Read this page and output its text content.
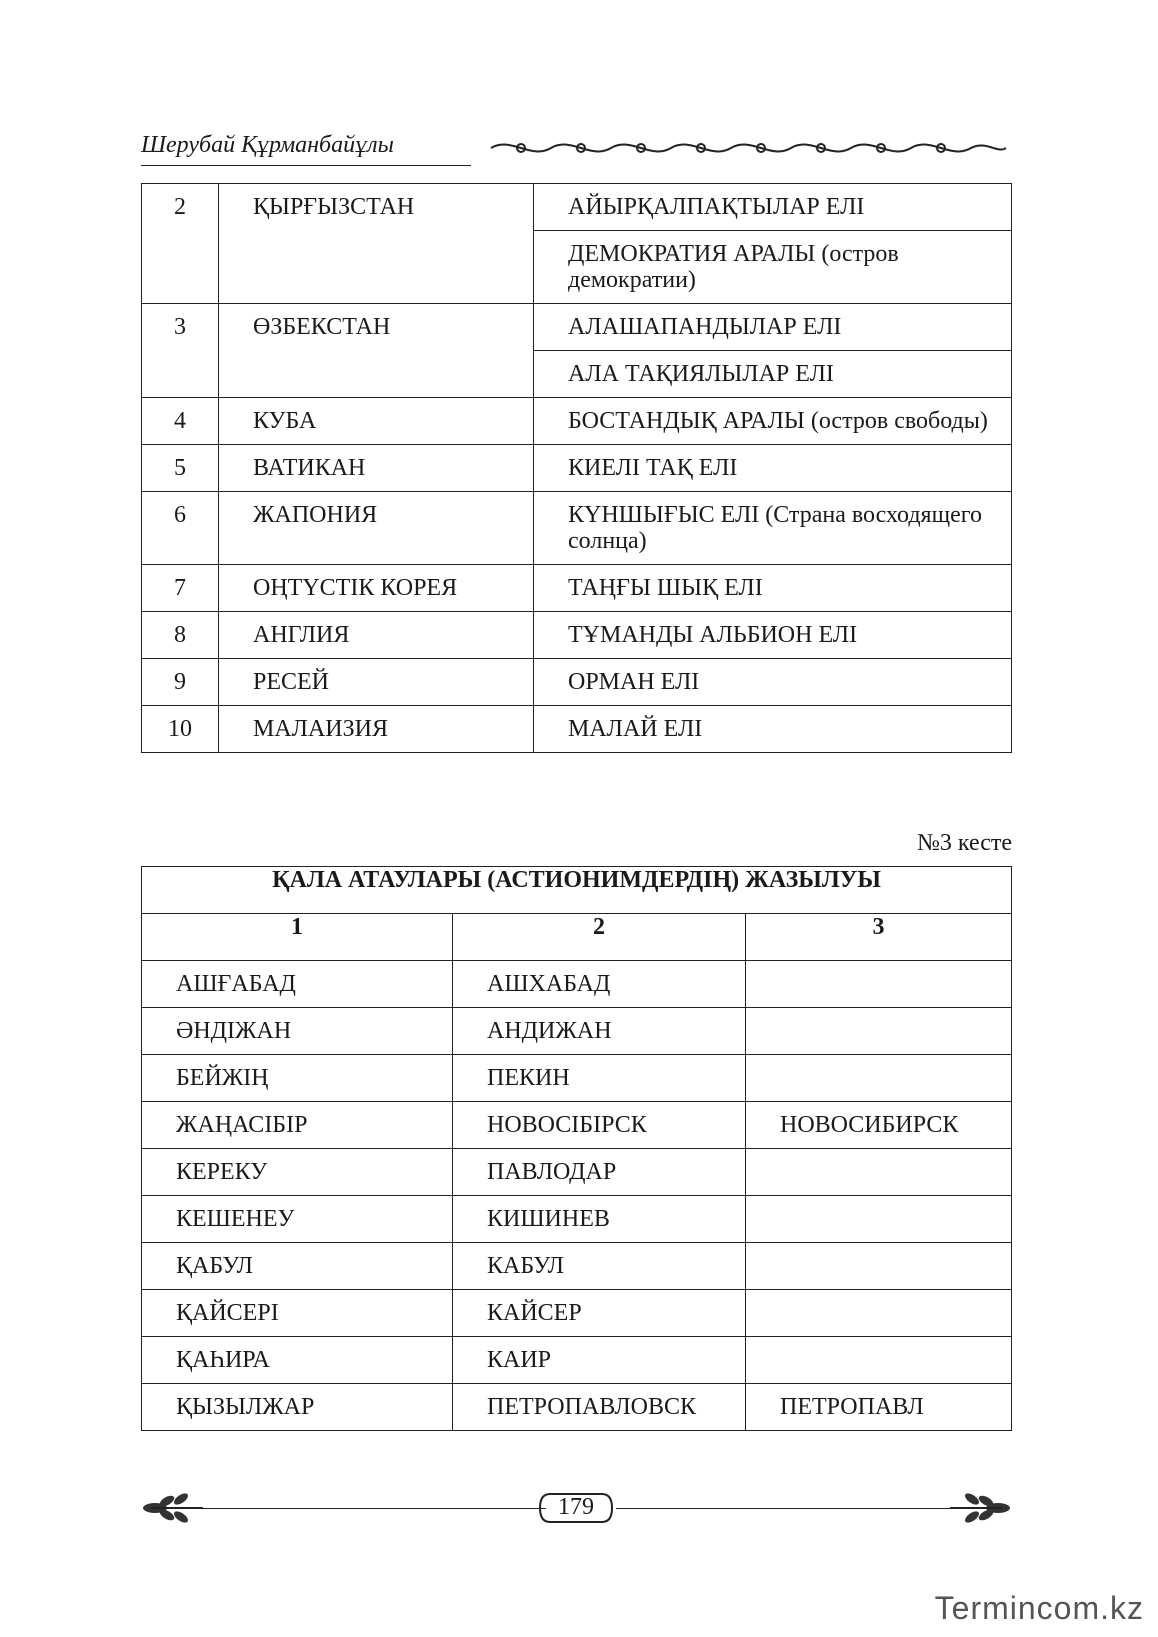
Шерубай Құрманбайұлы
2	ҚЫРҒЫЗСТАН	АЙЫРҚАЛПАҚТЫЛАР ЕЛІ
		ДЕМОКРАТИЯ АРАЛЫ (остров демократии)
3	ӨЗБЕКСТАН	АЛАШАПАНДЫЛАР ЕЛІ
		АЛА ТАҚИЯЛЫЛАР ЕЛІ
4	КУБА	БОСТАНДЫҚ АРАЛЫ (остров свободы)
5	ВАТИКАН	КИЕЛІ ТАҚ ЕЛІ
6	ЖАПОНИЯ	КҮНШЫҒЫС ЕЛІ (Страна восходящего солнца)
7	ОҢТҮСТІК КОРЕЯ	ТАҢҒЫ ШЫҚ ЕЛІ
8	АНГЛИЯ	ТҰМАНДЫ АЛЬБИОН ЕЛІ
9	РЕСЕЙ	ОРМАН ЕЛІ
10	МАЛАИЗИЯ	МАЛАЙ ЕЛІ
№3 кесте
ҚАЛА АТАУЛАРЫ (АСТИОНИМДЕРДІҢ) ЖАЗЫЛУЫ		
1	2	3
АШҒАБАД	АШХАБАД	
ӘНДІЖАН	АНДИЖАН	
БЕЙЖІҢ	ПЕКИН	
ЖАҢАСІБІР	НОВОСІБІРСК	НОВОСИБИРСК
КЕРЕКУ	ПАВЛОДАР	
КЕШЕНЕУ	КИШИНЕВ	
ҚАБУЛ	КАБУЛ	
ҚАЙСЕРІ	КАЙСЕР	
ҚАҺИРА	КАИР	
ҚЫЗЫЛЖАР	ПЕТРОПАВЛОВСК	ПЕТРОПАВЛ
179
Termincom.kz
